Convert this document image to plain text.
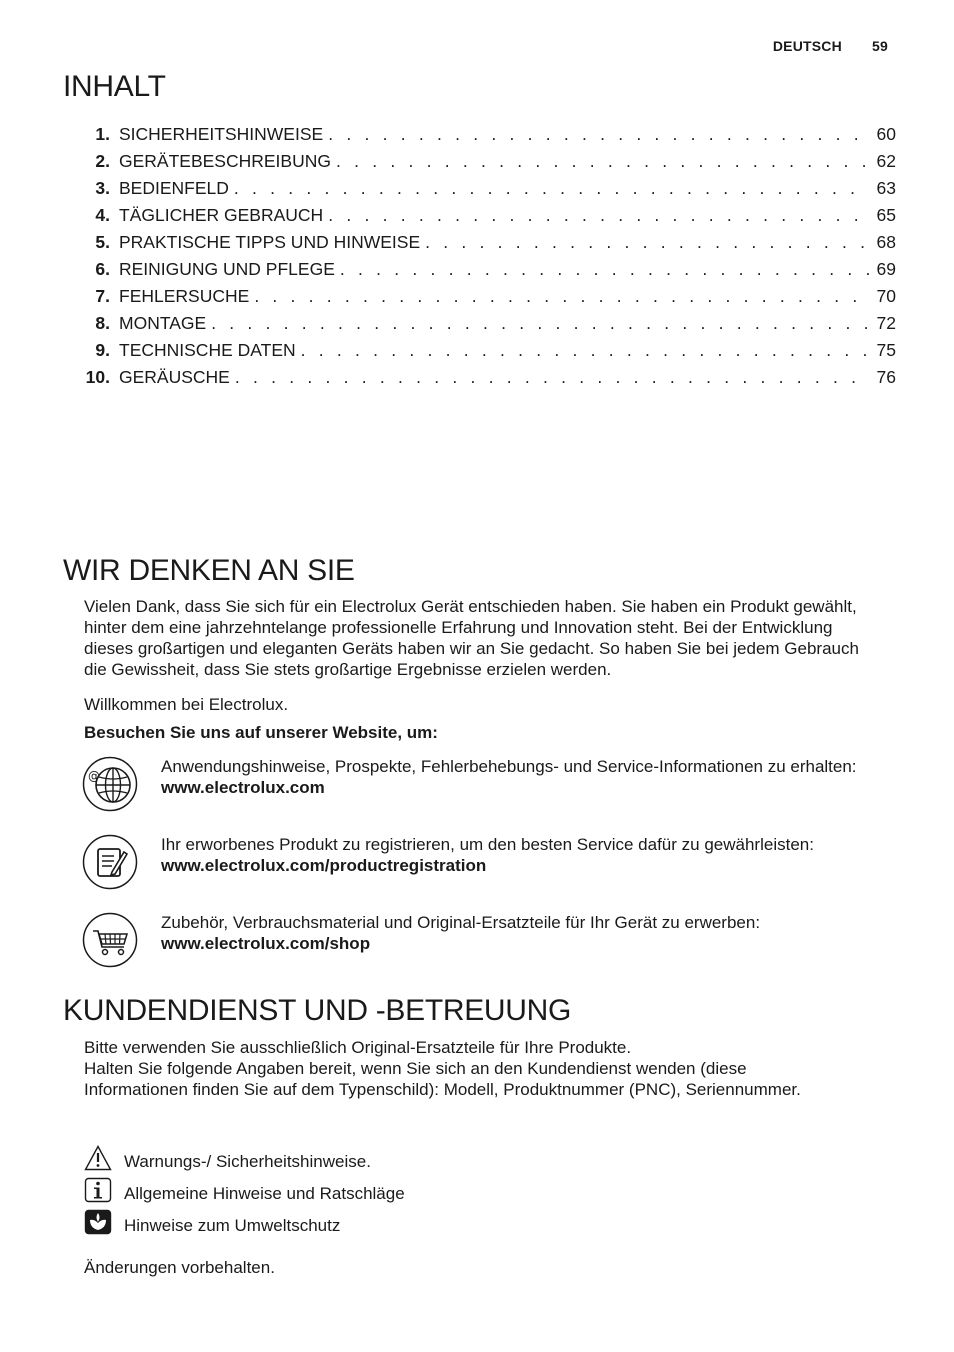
DEUTSCH 59
INHALT
1. SICHERHEITSHINWEISE . . .	60
2. GERÄTEBESCHREIBUNG . . .	62
3. BEDIENFELD . . .	63
4. TÄGLICHER GEBRAUCH . . .	65
5. PRAKTISCHE TIPPS UND HINWEISE . . .	68
6. REINIGUNG UND PFLEGE . . .	69
7. FEHLERSUCHE . . .	70
8. MONTAGE . . .	72
9. TECHNISCHE DATEN . . .	75
10. GERÄUSCHE . . .	76
WIR DENKEN AN SIE

Vielen Dank, dass Sie sich für ein Electrolux Gerät entschieden haben. Sie haben ein Produkt gewählt, hinter dem eine jahrzehntelange professionelle Erfahrung und Innovation steht. Bei der Entwicklung dieses großartigen und eleganten Geräts haben wir an Sie gedacht. So haben Sie bei jedem Gebrauch die Gewissheit, dass Sie stets großartige Ergebnisse erzielen werden.

Willkommen bei Electrolux.

Besuchen Sie uns auf unserer Website, um:

@	Anwendungshinweise, Prospekte, Fehlerbehebungs- und Service-Informationen zu erhalten:
www.electrolux.com
Ihr erworbenes Produkt zu registrieren, um den besten Service dafür zu gewährleisten:
www.electrolux.com/productregistration
Zubehör, Verbrauchsmaterial und Original-Ersatzteile für Ihr Gerät zu erwerben:
www.electrolux.com/shop
KUNDENDIENST UND -BETREUUNG

Bitte verwenden Sie ausschließlich Original-Ersatzteile für Ihre Produkte.

Halten Sie folgende Angaben bereit, wenn Sie sich an den Kundendienst wenden (diese Informationen finden Sie auf dem Typenschild): Modell, Produktnummer (PNC), Seriennummer.

Warnungs-/ Sicherheitshinweise.
Allgemeine Hinweise und Ratschläge
Hinweise zum Umweltschutz

Änderungen vorbehalten.
